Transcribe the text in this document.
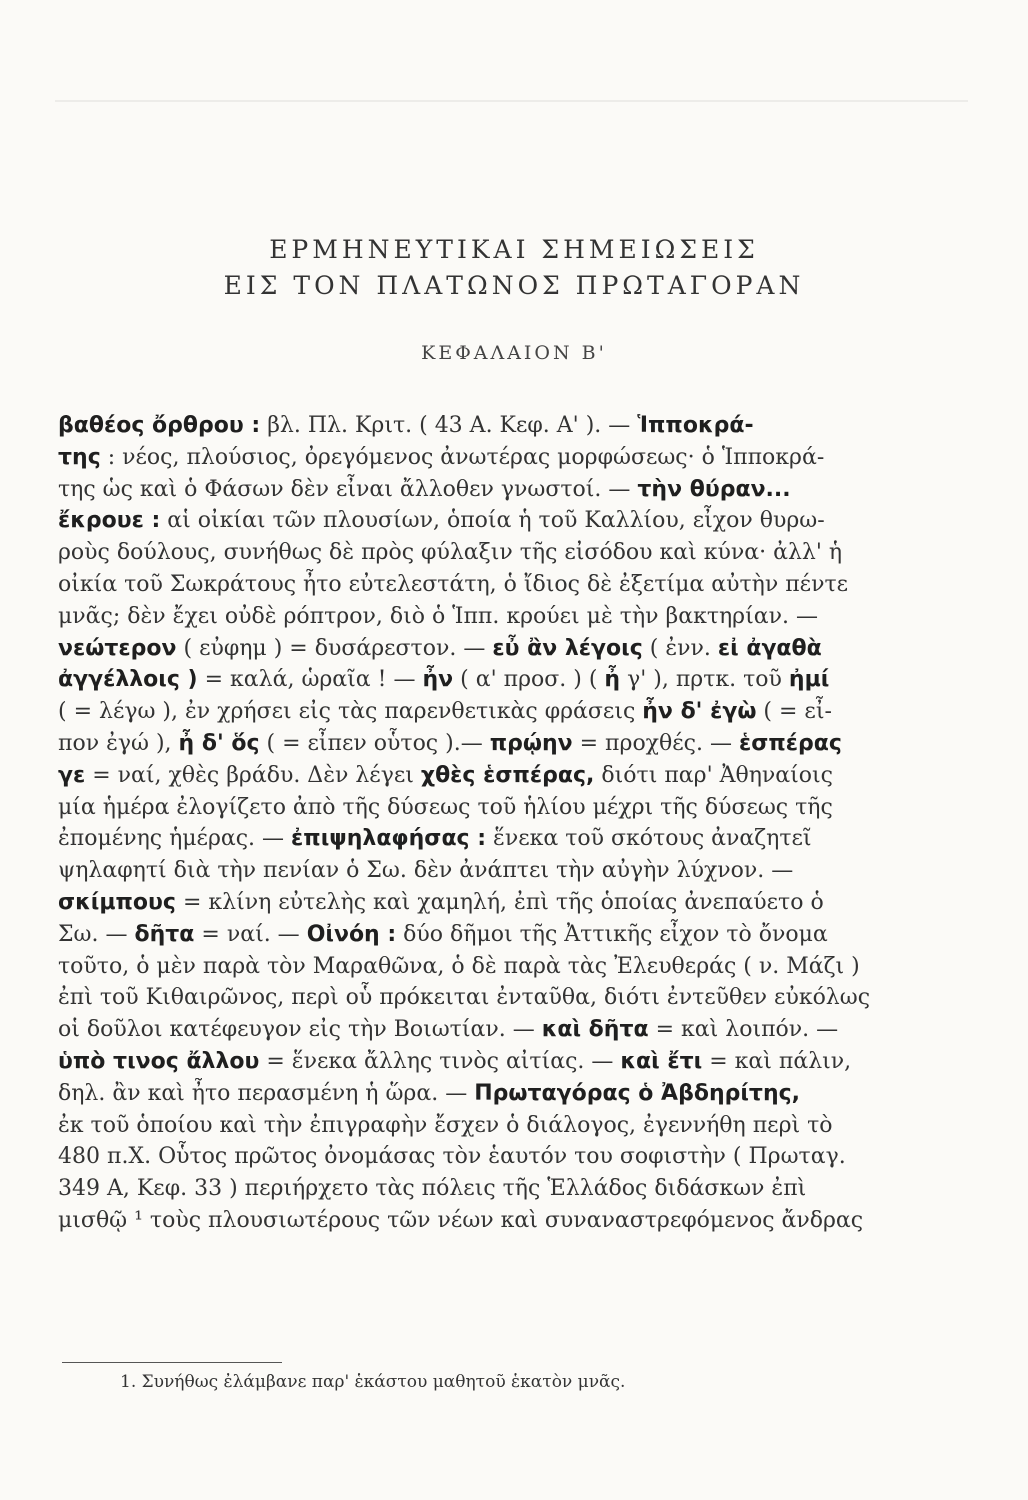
ΕΡΜΗΝΕΥΤΙΚΑΙ ΣΗΜΕΙΩΣΕΙΣ
ΕΙΣ ΤΟΝ ΠΛΑΤΩΝΟΣ ΠΡΩΤΑΓΟΡΑΝ
ΚΕΦΑΛΑΙΟΝ Β'
βαθέος ὄρθρου : βλ. Πλ. Κριτ. ( 43 Α. Κεφ. Α' ). — Ἱπποκρά-
της : νέος, πλούσιος, ὀρεγόμενος ἀνωτέρας μορφώσεως· ὁ Ἱπποκρά-
της ὡς καὶ ὁ Φάσων δὲν εἶναι ἄλλοθεν γνωστοί. — τὴν θύραν...
ἔκρουε : αἱ οἰκίαι τῶν πλουσίων, ὁποία ἡ τοῦ Καλλίου, εἶχον θυρω-
ροὺς δούλους, συνήθως δὲ πρὸς φύλαξιν τῆς εἰσόδου καὶ κύνα· ἀλλ' ἡ
οἰκία τοῦ Σωκράτους ἦτο εὐτελεστάτη, ὁ ἴδιος δὲ ἐξετίμα αὐτὴν πέντε
μνᾶς; δὲν ἔχει οὐδὲ ρόπτρον, διὸ ὁ Ἱππ. κρούει μὲ τὴν βακτηρίαν. —
νεώτερον ( εὐφημ ) = δυσάρεστον. — εὖ ἂν λέγοις ( ἐνν. εἰ ἀγαθὰ
ἀγγέλλοις ) = καλά, ὡραῖα ! — ἦν ( α' προσ. ) ( ἦ γ' ), πρτκ. τοῦ ἠμί
( = λέγω ), ἐν χρήσει εἰς τὰς παρενθετικὰς φράσεις ἦν δ' ἐγὼ ( = εἶ-
πον ἐγώ ), ἦ δ' ὅς ( = εἶπεν οὗτος ).— πρῴην = προχθές. — ἑσπέρας
γε = ναί, χθὲς βράδυ. Δὲν λέγει χθὲς ἑσπέρας, διότι παρ' Ἀθηναίοις
μία ἡμέρα ἐλογίζετο ἀπὸ τῆς δύσεως τοῦ ἡλίου μέχρι τῆς δύσεως τῆς
ἐπομένης ἡμέρας. — ἐπιψηλαφήσας : ἕνεκα τοῦ σκότους ἀναζητεῖ
ψηλαφητί διὰ τὴν πενίαν ὁ Σω. δὲν ἀνάπτει τὴν αὐγὴν λύχνον. —
σκίμπους = κλίνη εὐτελὴς καὶ χαμηλή, ἐπὶ τῆς ὁποίας ἀνεπαύετο ὁ
Σω. — δῆτα = ναί. — Οἰνόη : δύο δῆμοι τῆς Ἀττικῆς εἶχον τὸ ὄνομα
τοῦτο, ὁ μὲν παρὰ τὸν Μαραθῶνα, ὁ δὲ παρὰ τὰς Ἐλευθεράς ( ν. Μάζι )
ἐπὶ τοῦ Κιθαιρῶνος, περὶ οὗ πρόκειται ἐνταῦθα, διότι ἐντεῦθεν εὐκόλως
οἱ δοῦλοι κατέφευγον εἰς τὴν Βοιωτίαν. — καὶ δῆτα = καὶ λοιπόν. —
ὑπὸ τινος ἄλλου = ἕνεκα ἄλλης τινὸς αἰτίας. — καὶ ἔτι = καὶ πάλιν,
δηλ. ἂν καὶ ἦτο περασμένη ἡ ὥρα. — Πρωταγόρας ὁ Ἀβδηρίτης,
ἐκ τοῦ ὁποίου καὶ τὴν ἐπιγραφὴν ἔσχεν ὁ διάλογος, ἐγεννήθη περὶ τὸ
480 π.Χ. Οὗτος πρῶτος ὀνομάσας τὸν ἑαυτόν του σοφιστὴν ( Πρωταγ.
349 Α, Κεφ. 33 ) περιήρχετο τὰς πόλεις τῆς Ἑλλάδος διδάσκων ἐπὶ
μισθῷ ¹ τοὺς πλουσιωτέρους τῶν νέων καὶ συναναστρεφόμενος ἄνδρας
1. Συνήθως ἐλάμβανε παρ' ἑκάστου μαθητοῦ ἑκατὸν μνᾶς.
